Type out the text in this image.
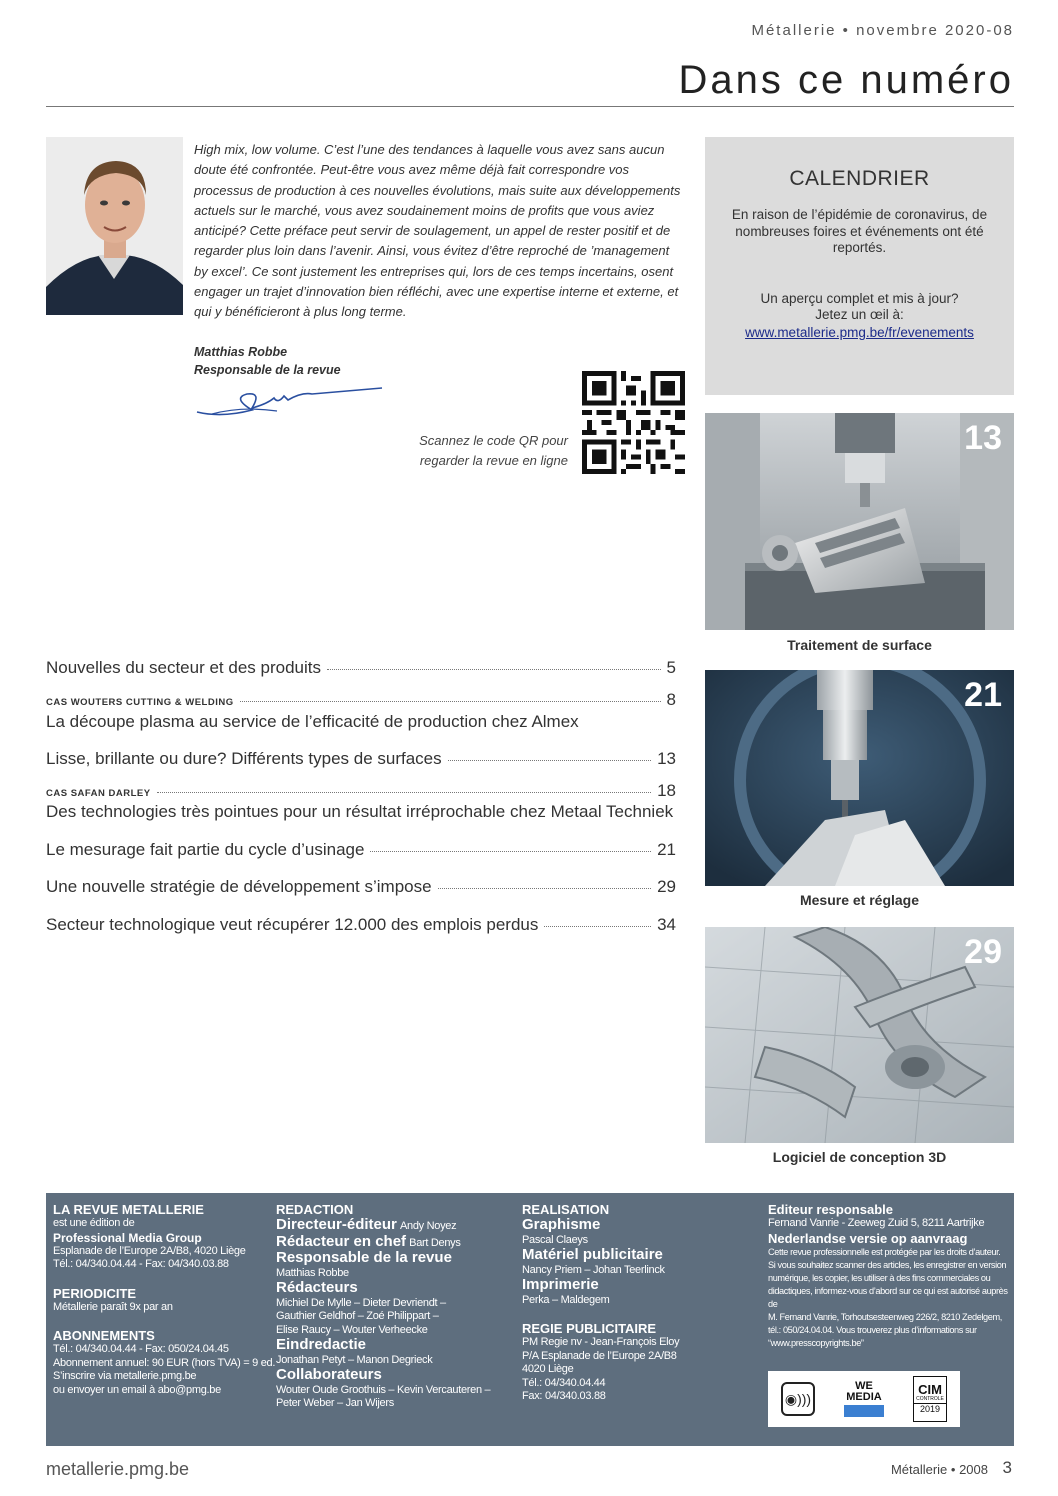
Métallerie • novembre 2020-08
Dans ce numéro

High mix, low volume. C’est l’une des tendances à laquelle vous avez sans aucun doute été confrontée. Peut-être vous avez même déjà fait correspondre vos processus de production à ces nouvelles évolutions, mais suite aux développements actuels sur le marché, vous avez soudainement moins de profits que vous aviez anticipé? Cette préface peut servir de soulagement, un appel de rester positif et de regarder plus loin dans l’avenir. Ainsi, vous évitez d’être reproché de ’management by excel’. Ce sont justement les entreprises qui, lors de ces temps incertains, osent engager un trajet d’innovation bien réfléchi, avec une expertise interne et externe, et qui y bénéficieront à plus long terme.

Matthias Robbe
Responsable de la revue
Scannez le code QR pour
regarder la revue en ligne
CALENDRIER
En raison de l’épidémie de coronavirus, de nombreuses foires et événements ont été reportés.
Un aperçu complet et mis à jour?
Jetez un œil à:
www.metallerie.pmg.be/fr/evenements
13
Traitement de surface
21
Mesure et réglage
29
Logiciel de conception 3D
Nouvelles du secteur et des produits	5
CAS WOUTERS CUTTING & WELDING	8
La découpe plasma au service de l’efficacité de production chez Almex
Lisse, brillante ou dure? Différents types de surfaces	13
CAS SAFAN DARLEY	18
Des technologies très pointues pour un résultat irréprochable chez Metaal Techniek
Le mesurage fait partie du cycle d’usinage	21
Une nouvelle stratégie de développement s’impose	29
Secteur technologique veut récupérer 12.000 des emplois perdus	34
LA REVUE METALLERIE
est une édition de
Professional Media Group
Esplanade de l’Europe 2A/B8, 4020 Liège
Tél.: 04/340.04.44 - Fax: 04/340.03.88
PERIODICITE
Métallerie paraît 9x par an
ABONNEMENTS
Tél.: 04/340.04.44 - Fax: 050/24.04.45
Abonnement annuel: 90 EUR (hors TVA) = 9 ed.
S’inscrire via metallerie.pmg.be
ou envoyer un email à abo@pmg.be
REDACTION
Directeur-éditeur Andy Noyez
Rédacteur en chef Bart Denys
Responsable de la revue
Matthias Robbe
Rédacteurs
Michiel De Mylle – Dieter Devriendt –
Gauthier Geldhof – Zoé Philippart –
Elise Raucy – Wouter Verheecke
Eindredactie
Jonathan Petyt – Manon Degrieck
Collaborateurs
Wouter Oude Groothuis – Kevin Vercauteren –
Peter Weber – Jan Wijers
REALISATION
Graphisme
Pascal Claeys
Matériel publicitaire
Nancy Priem – Johan Teerlinck
Imprimerie
Perka – Maldegem
REGIE PUBLICITAIRE
PM Regie nv - Jean-François Eloy
P/A Esplanade de l’Europe 2A/B8
4020 Liège
Tél.: 04/340.04.44
Fax: 04/340.03.88
Editeur responsable
Fernand Vanrie - Zeeweg Zuid 5, 8211 Aartrijke
Nederlandse versie op aanvraag
Cette revue professionnelle est protégée par les droits d’auteur.
Si vous souhaitez scanner des articles, les enregistrer en version
numérique, les copier, les utiliser à des fins commerciales ou
didactiques, informez-vous d’abord sur ce qui est autorisé auprès de
M. Fernand Vanrie, Torhoutsesteenweg 226/2, 8210 Zedelgem,
tél.: 050/24.04.04. Vous trouverez plus d’informations sur
“www.presscopyrights.be”
◉)))
WE
MEDIA	CIM
CONTROLE
2019
metallerie.pmg.be	Métallerie • 2008 3
